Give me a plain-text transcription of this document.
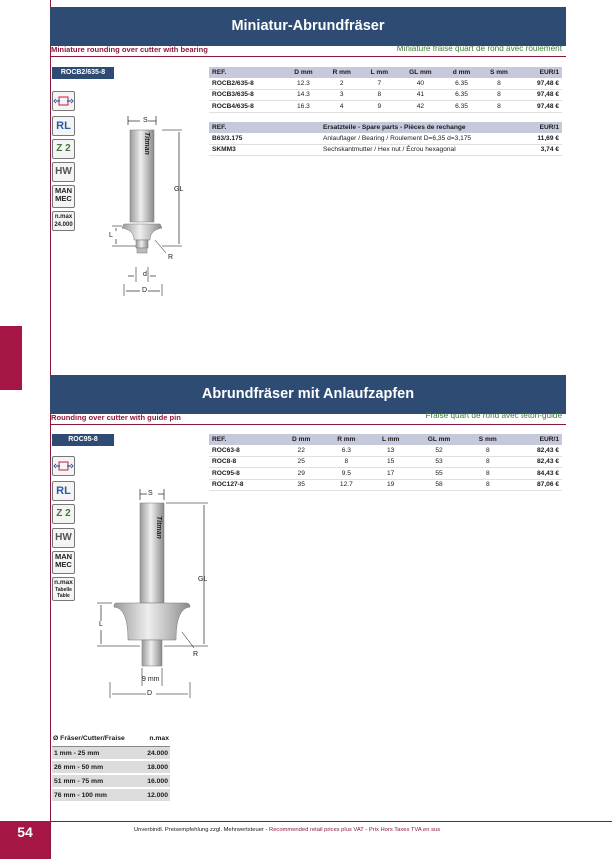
Miniatur-Abrundfräser
Miniature rounding over cutter with bearing	Miniature fraise quart de rond avec roulement
ROCB2/635-8
RL
Z 2
HW
MAN
MEC
n.max
24.000
Titman
S
GL
L
R
d
D
REF.	D mm	R mm	L mm	GL mm	d mm	S mm	EUR/1
ROCB2/635-8	12.3	2	7	40	6.35	8	97,48 €
ROCB3/635-8	14.3	3	8	41	6.35	8	97,48 €
ROCB4/635-8	16.3	4	9	42	6.35	8	97,48 €
REF.	Ersatzteile - Spare parts - Pièces de rechange	EUR/1
B63/3.175	Anlauflager / Bearing / Roulement D=6,35 d=3,175	11,69 €
SKMM3	Sechskantmutter / Hex nut / Écrou hexagonal	3,74 €
Abrundfräser mit Anlaufzapfen
Rounding over cutter with guide pin	Fraise quart de rond avec téton-guide
ROC95-8
RL
Z 2
HW
MAN
MEC
n.max
Tabelle
Table
Titman
S
GL
L
R
9 mm
D
REF.	D mm	R mm	L mm	GL mm	S mm	EUR/1
ROC63-8	22	6.3	13	52	8	82,43 €
ROC8-8	25	8	15	53	8	82,43 €
ROC95-8	29	9.5	17	55	8	84,43 €
ROC127-8	35	12.7	19	58	8	87,06 €
Ø Fräser/Cutter/Fraise	n.max
1 mm - 25 mm	24.000
26 mm - 50 mm	18.000
51 mm - 75 mm	16.000
76 mm - 100 mm	12.000
54	Unverbindl. Preisempfehlung zzgl. Mehrwertsteuer - Recommended retail prices plus VAT - Prix Hors Taxes TVA en sus
